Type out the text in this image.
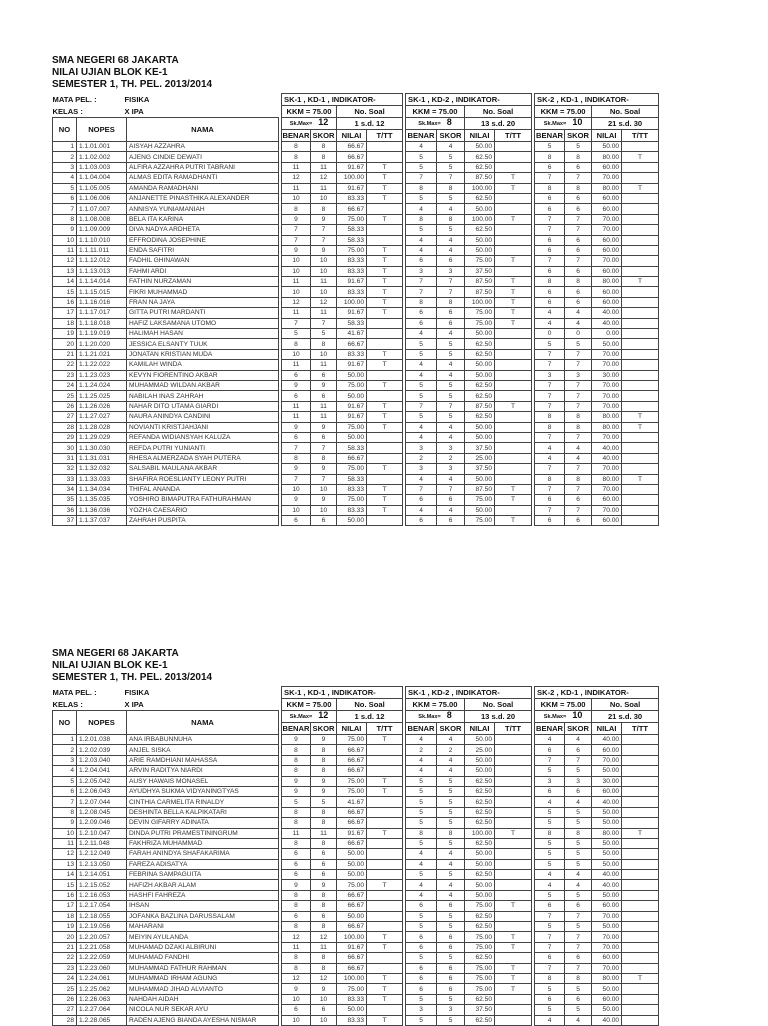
SMA NEGERI 68 JAKARTA
NILAI UJIAN BLOK KE-1
SEMESTER 1, TH. PEL. 2013/2014
MATA PEL. : FISIKA				SK-1 , KD-1 , INDIKATOR-					SK-1 , KD-2 , INDIKATOR-					SK-2 , KD-1 , INDIKATOR-			
KELAS : X IPA				KKM = 75.00		No. Soal			KKM = 75.00		No. Soal			KKM = 75.00		No. Soal	
NO	NOPES	NAMA		Sk.Max= 12		1 s.d. 12			Sk.Max= 8		13 s.d. 20			Sk.Max= 10		21 s.d. 30	
				BENAR	SKOR	NILAI	T/TT		BENAR	SKOR	NILAI	T/TT		BENAR	SKOR	NILAI	T/TT
1	1.1.01.001	AISYAH AZZAHRA		8	8	66.67			4	4	50.00			5	5	50.00	
2	1.1.02.002	AJENG CINDIE DEWATI		8	8	66.67			5	5	62.50			8	8	80.00	T
3	1.1.03.003	ALFIRA AZZAHRA PUTRI TABRANI		11	11	91.67	T		5	5	62.50			6	6	60.00	
4	1.1.04.004	ALMAS EDITA RAMADHANTI		12	12	100.00	T		7	7	87.50	T		7	7	70.00	
5	1.1.05.005	AMANDA RAMADHANI		11	11	91.67	T		8	8	100.00	T		8	8	80.00	T
6	1.1.06.006	ANJANETTE PINASTHIKA ALEXANDER		10	10	83.33	T		5	5	62.50			6	6	60.00	
7	1.1.07.007	ANNISYA YUNIAMANIAH		8	8	66.67			4	4	50.00			6	6	60.00	
8	1.1.08.008	BELA ITA KARINA		9	9	75.00	T		8	8	100.00	T		7	7	70.00	
9	1.1.09.009	DIVA NADYA ARDHETA		7	7	58.33			5	5	62.50			7	7	70.00	
10	1.1.10.010	EFFRODINA JOSEPHINE		7	7	58.33			4	4	50.00			6	6	60.00	
11	1.1.11.011	ENDA SAFITRI		9	9	75.00	T		4	4	50.00			6	6	60.00	
12	1.1.12.012	FADHIL GHINAWAN		10	10	83.33	T		6	6	75.00	T		7	7	70.00	
13	1.1.13.013	FAHMI ARDI		10	10	83.33	T		3	3	37.50			6	6	60.00	
14	1.1.14.014	FATHIN NURZAMAN		11	11	91.67	T		7	7	87.50	T		8	8	80.00	T
15	1.1.15.015	FIKRI MUHAMMAD		10	10	83.33	T		7	7	87.50	T		6	6	60.00	
16	1.1.16.016	FRAN NA JAYA		12	12	100.00	T		8	8	100.00	T		6	6	60.00	
17	1.1.17.017	GITTA PUTRI MARDANTI		11	11	91.67	T		6	6	75.00	T		4	4	40.00	
18	1.1.18.018	HAFIZ LAKSAMANA UTOMO		7	7	58.33			6	6	75.00	T		4	4	40.00	
19	1.1.19.019	HALIMAH HASAN		5	5	41.67			4	4	50.00			0	0	0.00	
20	1.1.20.020	JESSICA ELSANTY TUUK		8	8	66.67			5	5	62.50			5	5	50.00	
21	1.1.21.021	JONATAN KRISTIAN MUDA		10	10	83.33	T		5	5	62.50			7	7	70.00	
22	1.1.22.022	KAMILAH WINDA		11	11	91.67	T		4	4	50.00			7	7	70.00	
23	1.1.23.023	KEVYN FIORENTINO AKBAR		6	6	50.00			4	4	50.00			3	3	30.00	
24	1.1.24.024	MUHAMMAD WILDAN AKBAR		9	9	75.00	T		5	5	62.50			7	7	70.00	
25	1.1.25.025	NABILAH INAS ZAHRAH		6	6	50.00			5	5	62.50			7	7	70.00	
26	1.1.26.026	NAHAR DITO UTAMA GIARDI		11	11	91.67	T		7	7	87.50	T		7	7	70.00	
27	1.1.27.027	NAURA ANINDYA CANDINI		11	11	91.67	T		5	5	62.50			8	8	80.00	T
28	1.1.28.028	NOVIANTI KRISTJAHJANI		9	9	75.00	T		4	4	50.00			8	8	80.00	T
29	1.1.29.029	REFANDA WIDIANSYAH KALUZA		6	6	50.00			4	4	50.00			7	7	70.00	
30	1.1.30.030	REFDA PUTRI YUNIANTI		7	7	58.33			3	3	37.50			4	4	40.00	
31	1.1.31.031	RHESA ALMERZADA SYAH PUTERA		8	8	66.67			2	2	25.00			4	4	40.00	
32	1.1.32.032	SALSABIL MAULANA AKBAR		9	9	75.00	T		3	3	37.50			7	7	70.00	
33	1.1.33.033	SHAFIRA ROESLIANTY LEONY PUTRI		7	7	58.33			4	4	50.00			8	8	80.00	T
34	1.1.34.034	THIFAL ANANDA		10	10	83.33	T		7	7	87.50	T		7	7	70.00	
35	1.1.35.035	YOSHIRO BIMAPUTRA FATHURAHMAN		9	9	75.00	T		6	6	75.00	T		6	6	60.00	
36	1.1.36.036	YOZHA CAESARIO		10	10	83.33	T		4	4	50.00			7	7	70.00	
37	1.1.37.037	ZAHRAH PUSPITA		6	6	50.00			6	6	75.00	T		6	6	60.00	
SMA NEGERI 68 JAKARTA
NILAI UJIAN BLOK KE-1
SEMESTER 1, TH. PEL. 2013/2014
MATA PEL. : FISIKA				SK-1 , KD-1 , INDIKATOR-					SK-1 , KD-2 , INDIKATOR-					SK-2 , KD-1 , INDIKATOR-			
KELAS : X IPA				KKM = 75.00		No. Soal			KKM = 75.00		No. Soal			KKM = 75.00		No. Soal	
NO	NOPES	NAMA		Sk.Max= 12		1 s.d. 12			Sk.Max= 8		13 s.d. 20			Sk.Max= 10		21 s.d. 30	
				BENAR	SKOR	NILAI	T/TT		BENAR	SKOR	NILAI	T/TT		BENAR	SKOR	NILAI	T/TT
1	1.2.01.038	ANA IRBABUNNUHA		9	9	75.00	T		4	4	50.00			4	4	40.00	
2	1.2.02.039	ANJEL SISKA		8	8	66.67			2	2	25.00			6	6	60.00	
3	1.2.03.040	ARIE RAMDHIANI MAHASSA		8	8	66.67			4	4	50.00			7	7	70.00	
4	1.2.04.041	ARVIN RADITYA NIARDI		8	8	66.67			4	4	50.00			5	5	50.00	
5	1.2.05.042	AUSY HAWAIS MONASEL		9	9	75.00	T		5	5	62.50			3	3	30.00	
6	1.2.06.043	AYUDHYA SUKMA VIDYANINGTYAS		9	9	75.00	T		5	5	62.50			6	6	60.00	
7	1.2.07.044	CINTHIA CARMELITA RINALDY		5	5	41.67			5	5	62.50			4	4	40.00	
8	1.2.08.045	DESHINTA BELLA KALPIKATARI		8	8	66.67			5	5	62.50			5	5	50.00	
9	1.2.09.046	DEVIN GIFARRY ADINATA		8	8	66.67			5	5	62.50			5	5	50.00	
10	1.2.10.047	DINDA PUTRI PRAMESTININGRUM		11	11	91.67	T		8	8	100.00	T		8	8	80.00	T
11	1.2.11.048	FAKHRIZA MUHAMMAD		8	8	66.67			5	5	62.50			5	5	50.00	
12	1.2.12.049	FARAH ANINDYA SHAFAKARIMA		6	6	50.00			4	4	50.00			5	5	50.00	
13	1.2.13.050	FAREZA ADISATYA		6	6	50.00			4	4	50.00			5	5	50.00	
14	1.2.14.051	FEBRINA SAMPAGUITA		6	6	50.00			5	5	62.50			4	4	40.00	
15	1.2.15.052	HAFIZH AKBAR ALAM		9	9	75.00	T		4	4	50.00			4	4	40.00	
16	1.2.16.053	HASHFI FAHREZA		8	8	66.67			4	4	50.00			5	5	50.00	
17	1.2.17.054	IHSAN		8	8	66.67			6	6	75.00	T		6	6	60.00	
18	1.2.18.055	JOFANKA BAZLINA DARUSSALAM		6	6	50.00			5	5	62.50			7	7	70.00	
19	1.2.19.056	MAHARANI		8	8	66.67			5	5	62.50			5	5	50.00	
20	1.2.20.057	MEIYIN AYULANDA		12	12	100.00	T		6	6	75.00	T		7	7	70.00	
21	1.2.21.058	MUHAMAD DZAKI ALBIRUNI		11	11	91.67	T		6	6	75.00	T		7	7	70.00	
22	1.2.22.059	MUHAMAD FANDHI		8	8	66.67			5	5	62.50			6	6	60.00	
23	1.2.23.060	MUHAMMAD FATHUR RAHMAN		8	8	66.67			6	6	75.00	T		7	7	70.00	
24	1.2.24.061	MUHAMMAD IRHAM AGUNG		12	12	100.00	T		6	6	75.00	T		8	8	80.00	T
25	1.2.25.062	MUHAMMAD JIHAD ALVIANTO		9	9	75.00	T		6	6	75.00	T		5	5	50.00	
26	1.2.26.063	NAHDAH AIDAH		10	10	83.33	T		5	5	62.50			6	6	60.00	
27	1.2.27.064	NICOLA NUR SEKAR AYU		6	6	50.00			3	3	37.50			5	5	50.00	
28	1.2.28.065	RADEN AJENG BIANDA AYESHA NISMAR		10	10	83.33	T		5	5	62.50			4	4	40.00	
